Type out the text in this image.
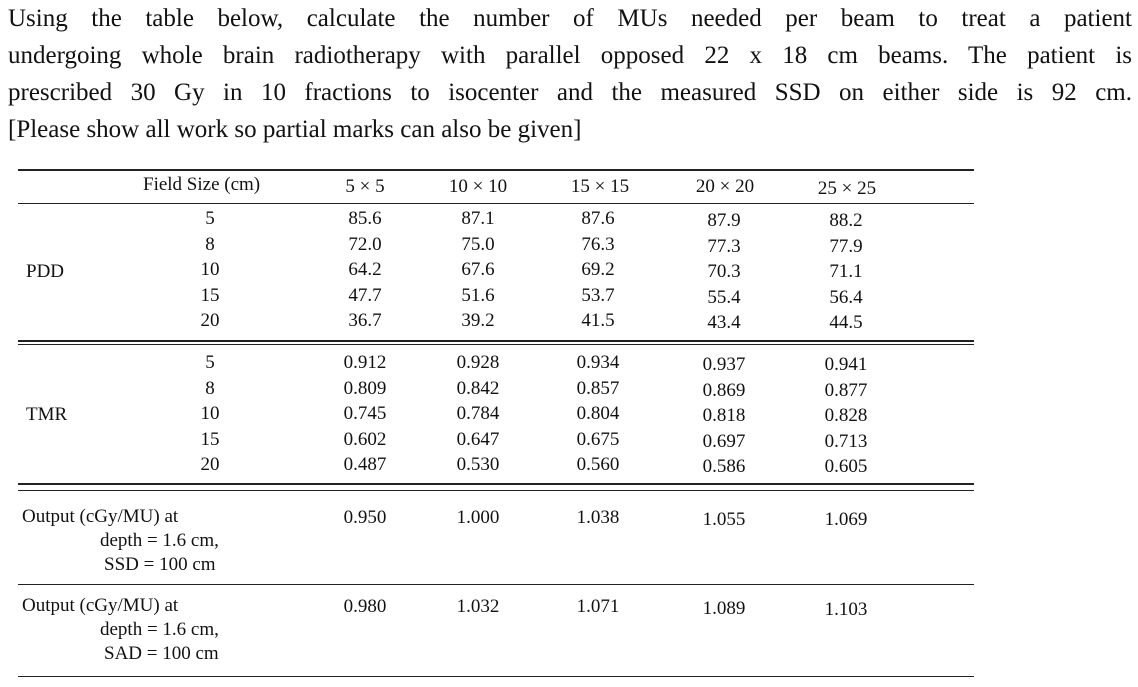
Using the table below, calculate the number of MUs needed per beam to treat a patient
undergoing whole brain radiotherapy with parallel opposed 22 x 18 cm beams. The patient is
prescribed 30 Gy in 10 fractions to isocenter and the measured SSD on either side is 92 cm.
[Please show all work so partial marks can also be given]
Field Size (cm)	5 × 5	10 × 10	15 × 15	20 × 20	25 × 25
PDD
5	85.6	87.1	87.6	87.9	88.2
8	72.0	75.0	76.3	77.3	77.9
10	64.2	67.6	69.2	70.3	71.1
15	47.7	51.6	53.7	55.4	56.4
20	36.7	39.2	41.5	43.4	44.5
TMR
5	0.912	0.928	0.934	0.937	0.941
8	0.809	0.842	0.857	0.869	0.877
10	0.745	0.784	0.804	0.818	0.828
15	0.602	0.647	0.675	0.697	0.713
20	0.487	0.530	0.560	0.586	0.605
Output (cGy/MU) at
depth = 1.6 cm,
SSD = 100 cm
0.950	1.000	1.038	1.055	1.069
Output (cGy/MU) at
depth = 1.6 cm,
SAD = 100 cm
0.980	1.032	1.071	1.089	1.103
